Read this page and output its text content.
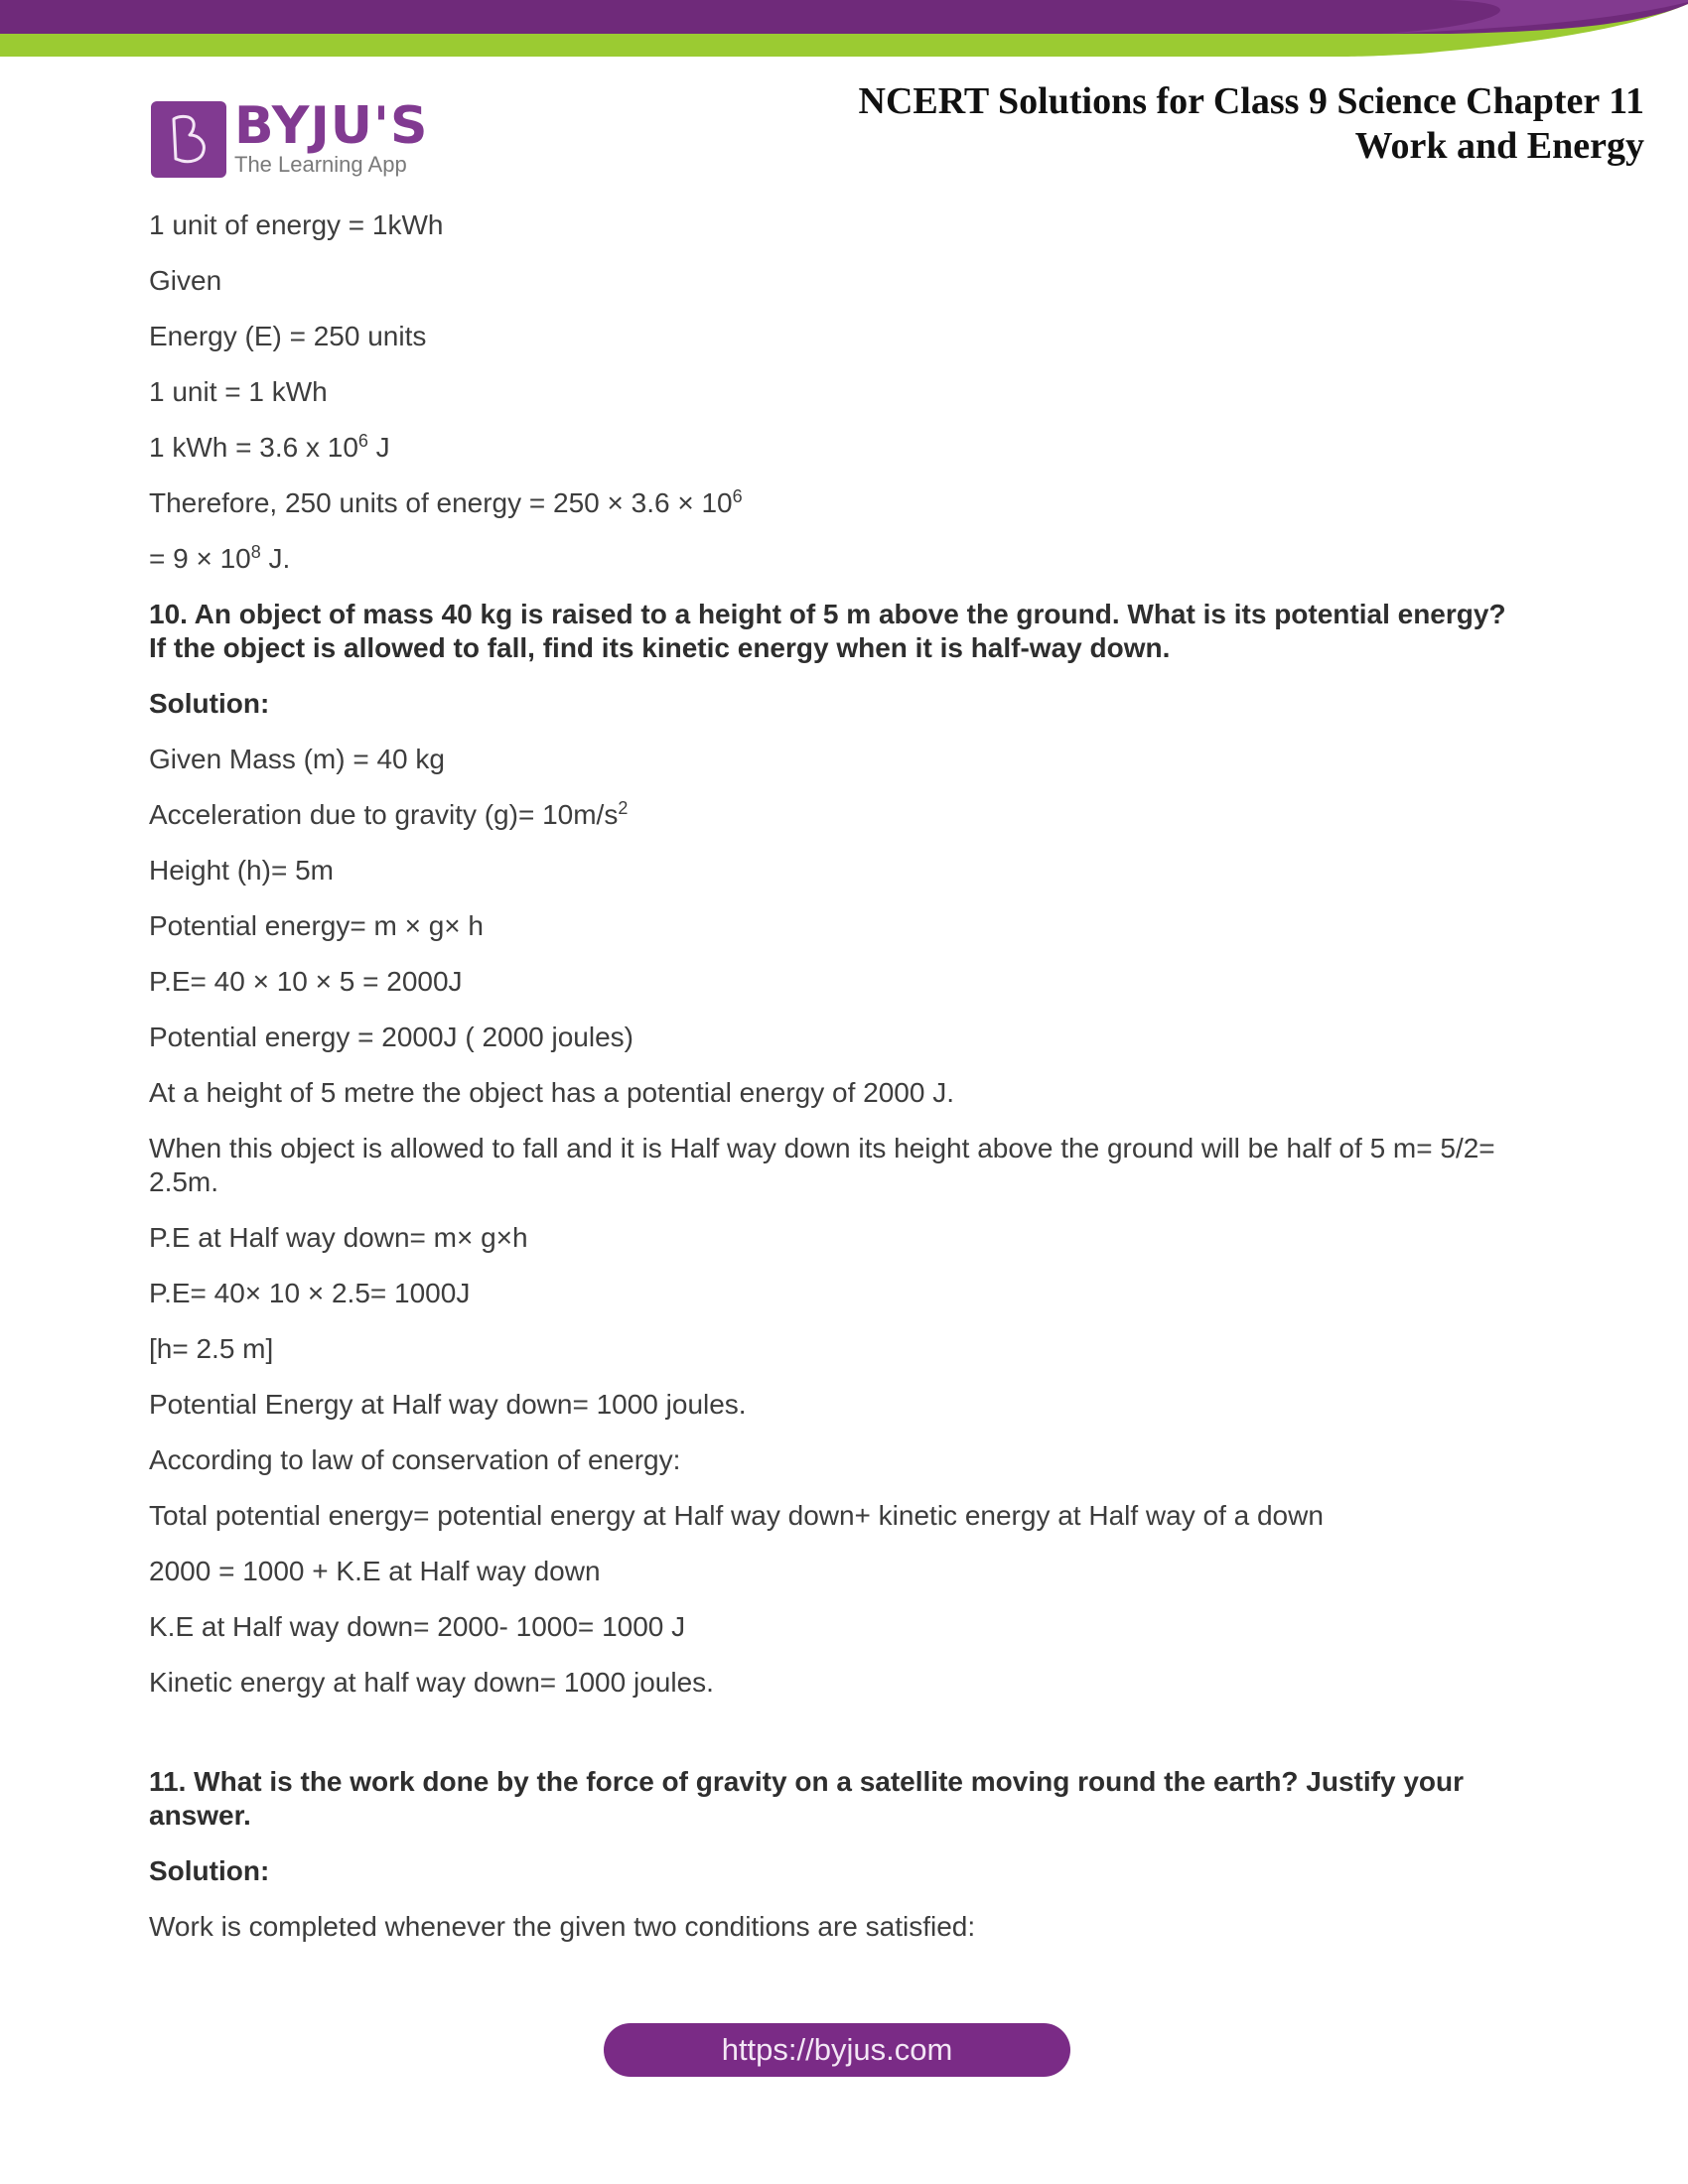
BYJU'S
The Learning App
NCERT Solutions for Class 9 Science Chapter 11
Work and Energy

1 unit of energy = 1kWh

Given

Energy (E) = 250 units

1 unit = 1 kWh

1 kWh = 3.6 x $10^6$ J

Therefore, 250 units of energy = $250 \times 3.6 \times 10^6$

= $9 \times 10^8$ J.

10. An object of mass 40 kg is raised to a height of 5 m above the ground. What is its potential energy? If the object is allowed to fall, find its kinetic energy when it is half-way down.

Solution:

Given Mass (m) = 40 kg

Acceleration due to gravity $(g)= 10m/s^2$

Height (h)= 5m

Potential energy= m × g× h

P.E= 40 × 10 × 5 = 2000J

Potential energy = 2000J ( 2000 joules)

At a height of 5 metre the object has a potential energy of 2000 J.

When this object is allowed to fall and it is Half way down its height above the ground will be half of 5 m= 5/2= 2.5m.

P.E at Half way down= m× g×h

P.E= 40× 10 × 2.5= 1000J

[h= 2.5 m]

Potential Energy at Half way down= 1000 joules.

According to law of conservation of energy:

Total potential energy= potential energy at Half way down+ kinetic energy at Half way of a down

2000 = 1000 + K.E at Half way down

K.E at Half way down= 2000- 1000= 1000 J

Kinetic energy at half way down= 1000 joules.

11. What is the work done by the force of gravity on a satellite moving round the earth? Justify your answer.

Solution:

Work is completed whenever the given two conditions are satisfied:

https://byjus.com
